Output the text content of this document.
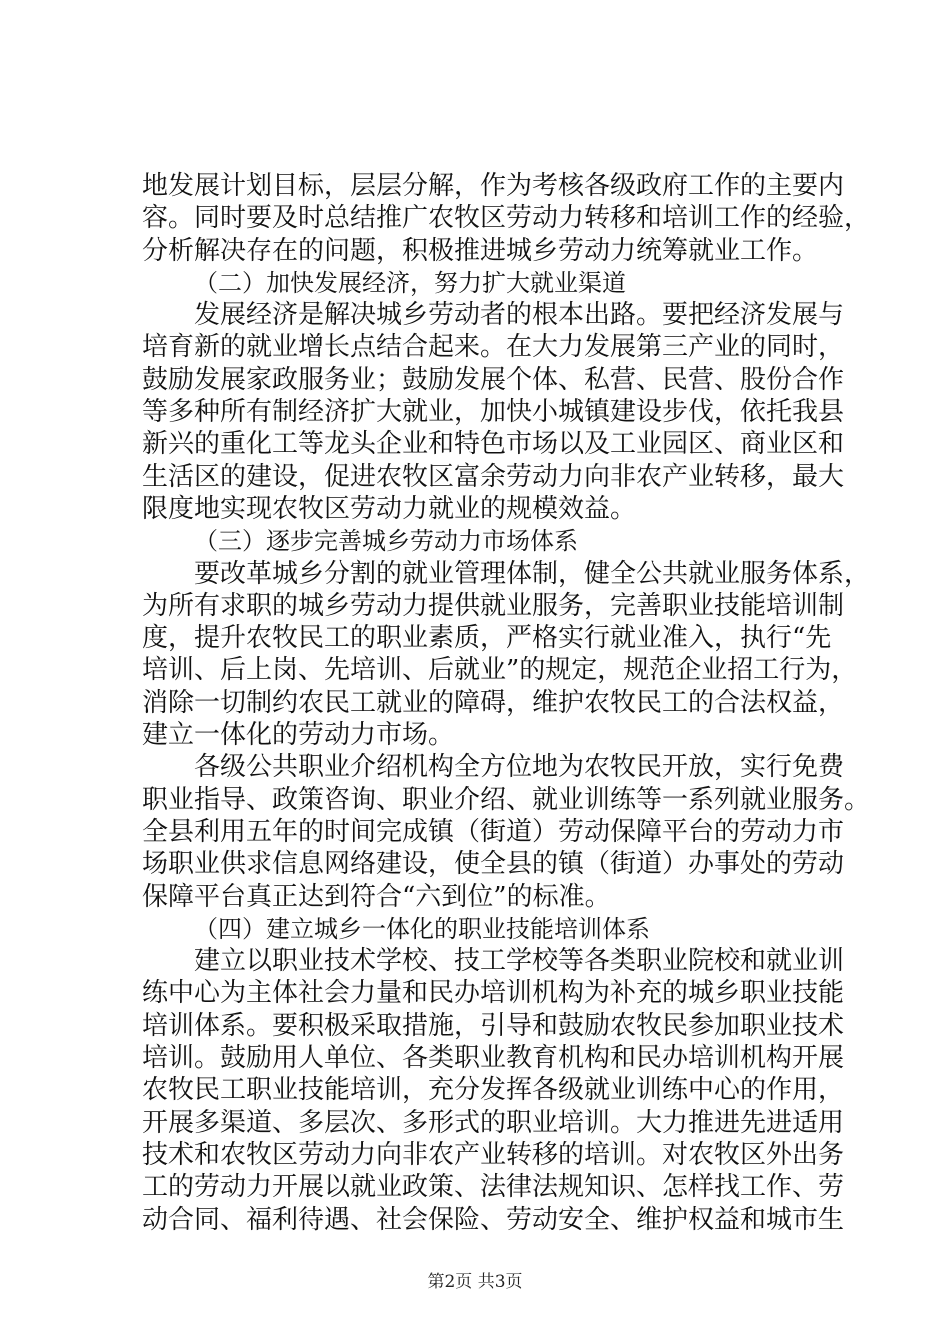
地发展计划目标，层层分解，作为考核各级政府工作的主要内
容。同时要及时总结推广农牧区劳动力转移和培训工作的经验，
分析解决存在的问题，积极推进城乡劳动力统筹就业工作。
（二）加快发展经济，努力扩大就业渠道
发展经济是解决城乡劳动者的根本出路。要把经济发展与
培育新的就业增长点结合起来。在大力发展第三产业的同时，
鼓励发展家政服务业；鼓励发展个体、私营、民营、股份合作
等多种所有制经济扩大就业，加快小城镇建设步伐，依托我县
新兴的重化工等龙头企业和特色市场以及工业园区、商业区和
生活区的建设，促进农牧区富余劳动力向非农产业转移，最大
限度地实现农牧区劳动力就业的规模效益。
（三）逐步完善城乡劳动力市场体系
要改革城乡分割的就业管理体制，健全公共就业服务体系，
为所有求职的城乡劳动力提供就业服务，完善职业技能培训制
度，提升农牧民工的职业素质，严格实行就业准入，执行“先
培训、后上岗、先培训、后就业”的规定，规范企业招工行为，
消除一切制约农民工就业的障碍，维护农牧民工的合法权益，
建立一体化的劳动力市场。
各级公共职业介绍机构全方位地为农牧民开放，实行免费
职业指导、政策咨询、职业介绍、就业训练等一系列就业服务。
全县利用五年的时间完成镇（街道）劳动保障平台的劳动力市
场职业供求信息网络建设，使全县的镇（街道）办事处的劳动
保障平台真正达到符合“六到位”的标准。
（四）建立城乡一体化的职业技能培训体系
建立以职业技术学校、技工学校等各类职业院校和就业训
练中心为主体社会力量和民办培训机构为补充的城乡职业技能
培训体系。要积极采取措施，引导和鼓励农牧民参加职业技术
培训。鼓励用人单位、各类职业教育机构和民办培训机构开展
农牧民工职业技能培训，充分发挥各级就业训练中心的作用，
开展多渠道、多层次、多形式的职业培训。大力推进先进适用
技术和农牧区劳动力向非农产业转移的培训。对农牧区外出务
工的劳动力开展以就业政策、法律法规知识、怎样找工作、劳
动合同、福利待遇、社会保险、劳动安全、维护权益和城市生
第2页 共3页
